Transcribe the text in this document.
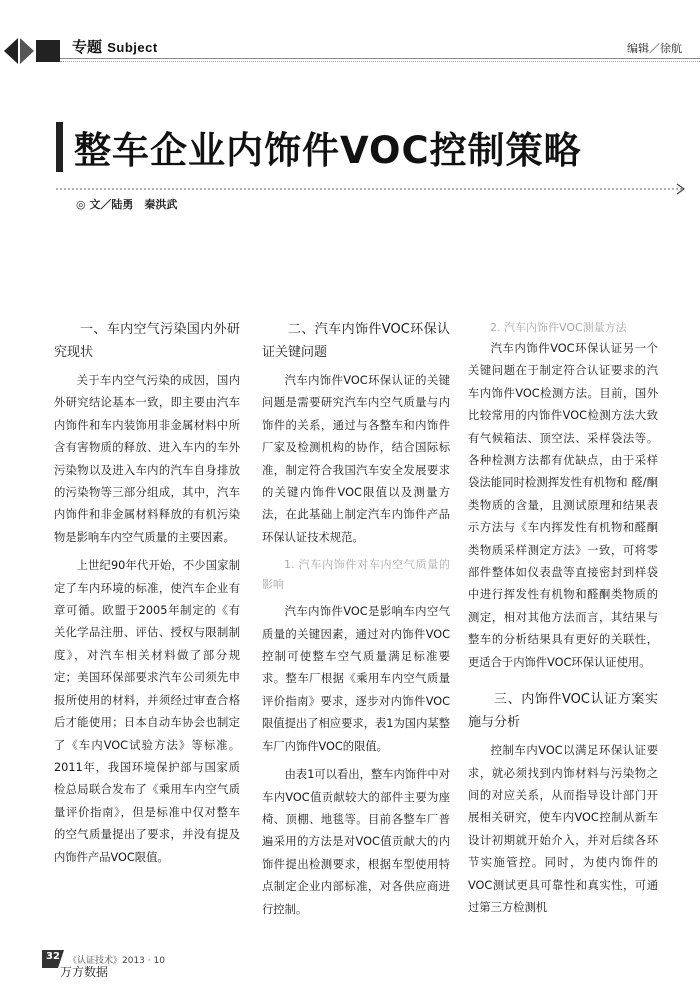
专题 Subject	编辑／徐航
整车企业内饰件VOC控制策略
◎ 文／陆勇　秦洪武
一、车内空气污染国内外研究现状

关于车内空气污染的成因，国内外研究结论基本一致，即主要由汽车内饰件和车内装饰用非金属材料中所含有害物质的释放、进入车内的车外污染物以及进入车内的汽车自身排放的污染物等三部分组成，其中，汽车内饰件和非金属材料释放的有机污染物是影响车内空气质量的主要因素。

上世纪90年代开始，不少国家制定了车内环境的标准，使汽车企业有章可循。欧盟于2005年制定的《有关化学品注册、评估、授权与限制制度》，对汽车相关材料做了部分规定；美国环保部要求汽车公司须先申报所使用的材料，并须经过审查合格后才能使用；日本自动车协会也制定了《车内VOC试验方法》等标准。2011年，我国环境保护部与国家质检总局联合发布了《乘用车内空气质量评价指南》，但是标准中仅对整车的空气质量提出了要求，并没有提及内饰件产品VOC限值。

二、汽车内饰件VOC环保认证关键问题

汽车内饰件VOC环保认证的关键问题是需要研究汽车内空气质量与内饰件的关系，通过与各整车和内饰件厂家及检测机构的协作，结合国际标准，制定符合我国汽车安全发展要求的关键内饰件VOC限值以及测量方法，在此基础上制定汽车内饰件产品环保认证技术规范。

1. 汽车内饰件对车内空气质量的影响

汽车内饰件VOC是影响车内空气质量的关键因素，通过对内饰件VOC控制可使整车空气质量满足标准要求。整车厂根据《乘用车内空气质量评价指南》要求，逐步对内饰件VOC限值提出了相应要求，表1为国内某整车厂内饰件VOC的限值。

由表1可以看出，整车内饰件中对车内VOC值贡献较大的部件主要为座椅、顶棚、地毯等。目前各整车厂普遍采用的方法是对VOC值贡献大的内饰件提出检测要求，根据车型使用特点制定企业内部标准，对各供应商进行控制。

2. 汽车内饰件VOC测量方法

汽车内饰件VOC环保认证另一个关键问题在于制定符合认证要求的汽车内饰件VOC检测方法。目前，国外比较常用的内饰件VOC检测方法大致有气候箱法、顶空法、采样袋法等。各种检测方法都有优缺点，由于采样袋法能同时检测挥发性有机物和 醛/酮类物质的含量，且测试原理和结果表示方法与《车内挥发性有机物和醛酮类物质采样测定方法》一致，可将零部件整体如仪表盘等直接密封到样袋中进行挥发性有机物和醛酮类物质的测定，相对其他方法而言，其结果与整车的分析结果具有更好的关联性，更适合于内饰件VOC环保认证使用。

三、内饰件VOC认证方案实施与分析

控制车内VOC以满足环保认证要求，就必须找到内饰材料与污染物之间的对应关系，从而指导设计部门开展相关研究，使车内VOC控制从新车设计初期就开始介入，并对后续各环节实施管控。同时，为使内饰件的VOC测试更具可靠性和真实性，可通过第三方检测机

32 《认证技术》2013 · 10
万方数据
